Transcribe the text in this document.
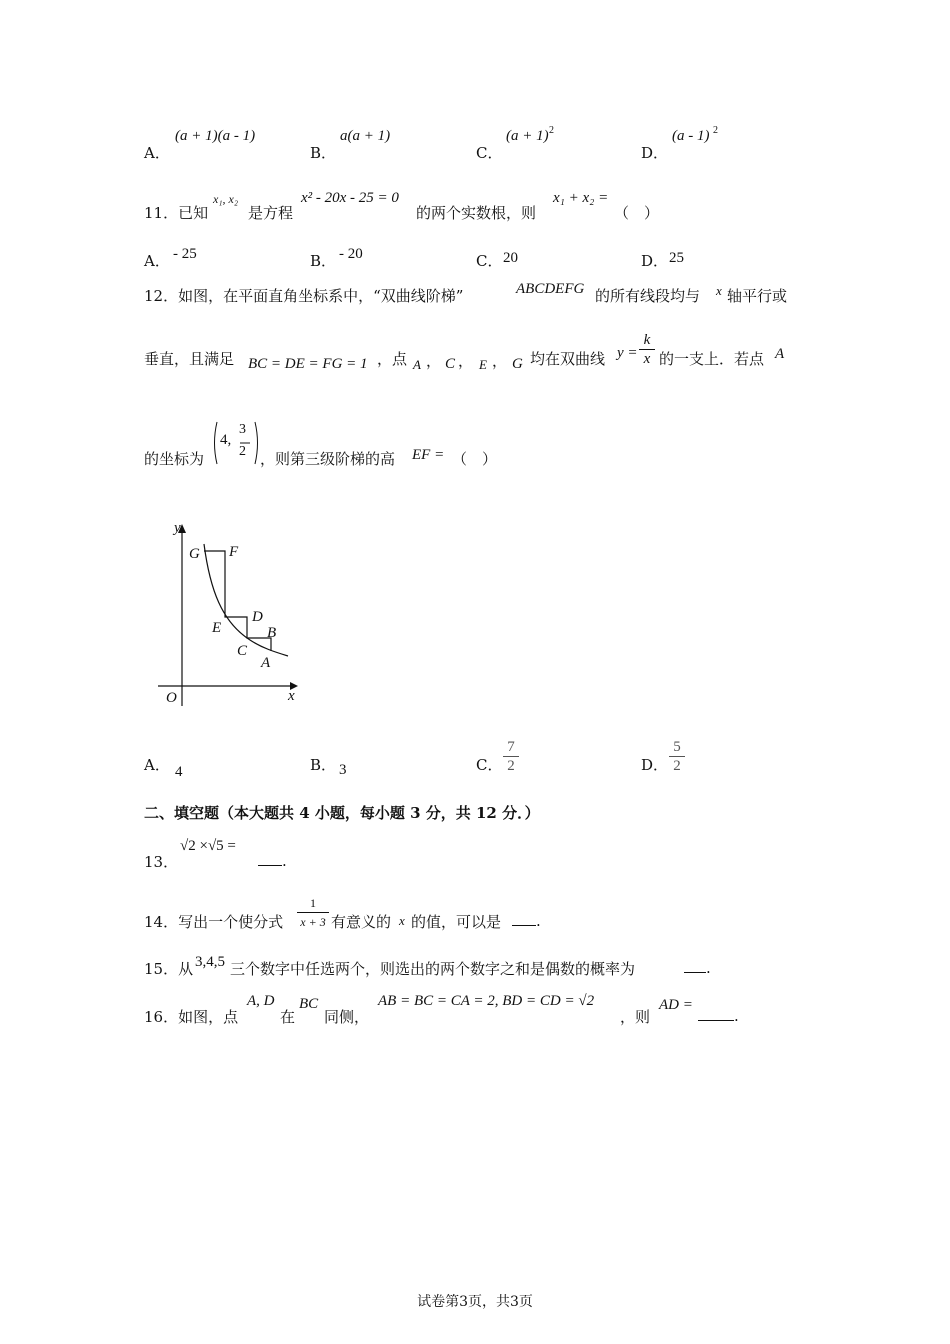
A．
(a + 1)(a - 1)
B．
a(a + 1)
C．
(a + 1) 2
D．
(a - 1) 2
11．已知
x₁, x₂
是方程
x² - 20x - 25 = 0
的两个实数根，则
x₁ + x₂ =
（　）
A． - 25	B． - 20	C． 20	D． 25
12．如图，在平面直角坐标系中，“双曲线阶梯”	ABCDEFG 的所有线段均与 x 轴平行或
垂直，且满足 BC = DE = FG = 1 ，点 A ， C ， E ， G 均在双曲线 $y = \frac{k}{x}$ 的一支上．若点 A
的坐标为
4,
3
2 ，则第三级阶梯的高 EF = （　）
y
x
O
G F
D
E	B
C
A
A． 4	B． 3	C． $\frac{7}{2}$	D． $\frac{5}{2}$
二、填空题（本大题共 4 小题，每小题 3 分，共 12 分．）
13．
√2 ×√5 =
.
14．写出一个使分式 $\frac{1}{x + 3}$ 有意义的 x 的值，可以是	.
15．从 3,4,5 三个数字中任选两个，则选出的两个数字之和是偶数的概率为	.
16．如图，点
A, D
在
BC
同侧，
AB = BC = CA = 2, BD = CD = √2
，则
AD =
.
试卷第3页，共3页
